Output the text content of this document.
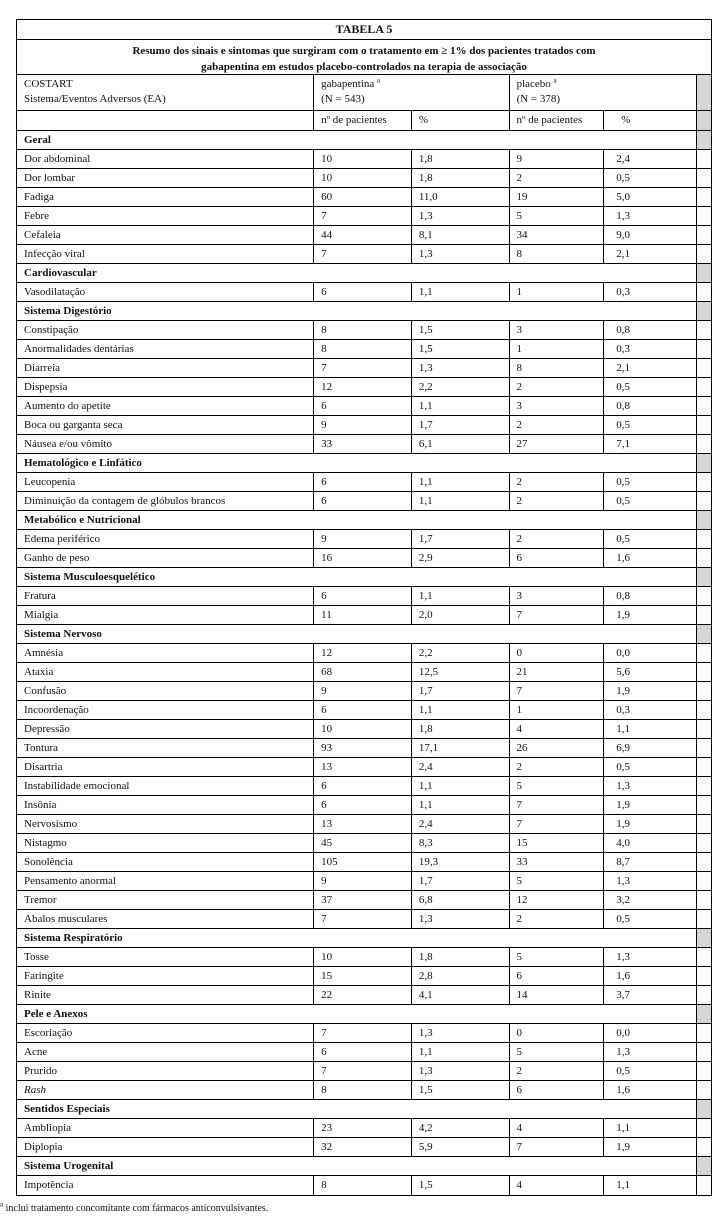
TABELA 5
Resumo dos sinais e sintomas que surgiram com o tratamento em ≥ 1% dos pacientes tratados com
gabapentina em estudos placebo-controlados na terapia de associação
COSTART
Sistema/Eventos Adversos (EA)
gabapentina $^a$
(N = 543)
placebo $^a$
(N = 378)
nº de pacientes	%	nº de pacientes	%
Geral
Dor abdominal	10	1,8	9	2,4
Dor lombar	10	1,8	2	0,5
Fadiga	60	11,0	19	5,0
Febre	7	1,3	5	1,3
Cefaleia	44	8,1	34	9,0
Infecção viral	7	1,3	8	2,1
Cardiovascular
Vasodilatação	6	1,1	1	0,3
Sistema Digestório
Constipação	8	1,5	3	0,8
Anormalidades dentárias	8	1,5	1	0,3
Diarreia	7	1,3	8	2,1
Dispepsia	12	2,2	2	0,5
Aumento do apetite	6	1,1	3	0,8
Boca ou garganta seca	9	1,7	2	0,5
Náusea e/ou vômito	33	6,1	27	7,1
Hematológico e Linfático
Leucopenia	6	1,1	2	0,5
Diminuição da contagem de glóbulos brancos	6	1,1	2	0,5
Metabólico e Nutricional
Edema periférico	9	1,7	2	0,5
Ganho de peso	16	2,9	6	1,6
Sistema Musculoesquelético
Fratura	6	1,1	3	0,8
Mialgia	11	2,0	7	1,9
Sistema Nervoso
Amnésia	12	2,2	0	0,0
Ataxia	68	12,5	21	5,6
Confusão	9	1,7	7	1,9
Incoordenação	6	1,1	1	0,3
Depressão	10	1,8	4	1,1
Tontura	93	17,1	26	6,9
Disartria	13	2,4	2	0,5
Instabilidade emocional	6	1,1	5	1,3
Insônia	6	1,1	7	1,9
Nervosismo	13	2,4	7	1,9
Nistagmo	45	8,3	15	4,0
Sonolência	105	19,3	33	8,7
Pensamento anormal	9	1,7	5	1,3
Tremor	37	6,8	12	3,2
Abalos musculares	7	1,3	2	0,5
Sistema Respiratório
Tosse	10	1,8	5	1,3
Faringite	15	2,8	6	1,6
Rinite	22	4,1	14	3,7
Pele e Anexos
Escoriação	7	1,3	0	0,0
Acne	6	1,1	5	1,3
Prurido	7	1,3	2	0,5
Rash	8	1,5	6	1,6
Sentidos Especiais
Ambliopia	23	4,2	4	1,1
Diplopia	32	5,9	7	1,9
Sistema Urogenital
Impotência	8	1,5	4	1,1
$^a$ inclui tratamento concomitante com fármacos anticonvulsivantes.
